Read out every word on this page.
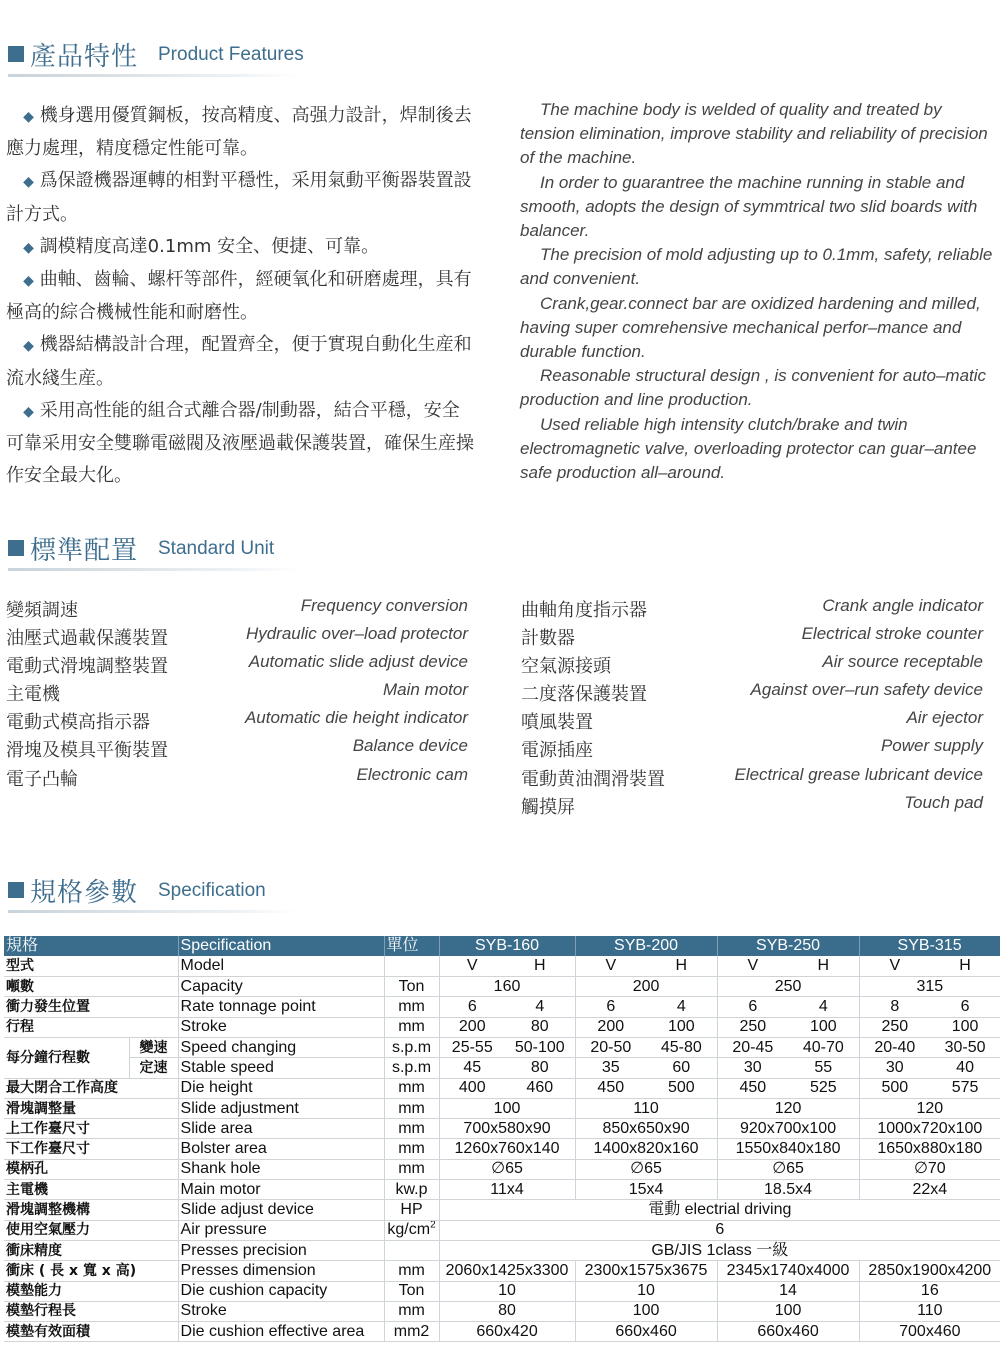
產品特性 Product Features

◆ 機身選用優質鋼板，按高精度、高强力設計，焊制後去應力處理，精度穩定性能可靠。

◆ 爲保證機器運轉的相對平穩性，采用氣動平衡器裝置設計方式。

◆ 調模精度高達0.1mm 安全、便捷、可靠。

◆ 曲軸、齒輪、螺杆等部件，經硬氧化和研磨處理，具有極高的綜合機械性能和耐磨性。

◆ 機器結構設計合理，配置齊全，便于實現自動化生産和流水綫生産。

◆ 采用高性能的組合式離合器/制動器，結合平穩，安全可靠采用安全雙聯電磁閥及液壓過載保護裝置，確保生産操作安全最大化。

The machine body is welded of quality and treated by tension elimination, improve stability and reliability of precision of the machine.

In order to guarantree the machine running in stable and smooth, adopts the design of symmtrical two slid boards with balancer.

The precision of mold adjusting up to 0.1mm, safety, reliable and convenient.

Crank,gear.connect bar are oxidized hardening and milled, having super comrehensive mechanical perfor–mance and durable function.

Reasonable structural design , is convenient for auto–matic production and line production.

Used reliable high intensity clutch/brake and twin electromagnetic valve, overloading protector can guar–antee safe production all–around.

標準配置 Standard Unit
變頻調速	Frequency conversion
油壓式過載保護裝置	Hydraulic over–load protector
電動式滑塊調整裝置	Automatic slide adjust device
主電機	Main motor
電動式模高指示器	Automatic die height indicator
滑塊及模具平衡裝置	Balance device
電子凸輪	Electronic cam
曲軸角度指示器	Crank angle indicator
計數器	Electrical stroke counter
空氣源接頭	Air source receptable
二度落保護裝置	Against over–run safety device
噴風裝置	Air ejector
電源插座	Power supply
電動黄油潤滑裝置	Electrical grease lubricant device
觸摸屏	Touch pad
規格參數 Specification
規格		Specification	單位	SYB-160		SYB-200		SYB-250		SYB-315	
型式		Model		V	H	V	H	V	H	V	H
噸數		Capacity	Ton	160		200		250		315	
衝力發生位置		Rate tonnage point	mm	6	4	6	4	6	4	8	6
行程		Stroke	mm	200	80	200	100	250	100	250	100
每分鐘行程數	變速	Speed changing	s.p.m	25-55	50-100	20-50	45-80	20-45	40-70	20-40	30-50
	定速	Stable speed	s.p.m	45	80	35	60	30	55	30	40
最大閉合工作高度		Die height	mm	400	460	450	500	450	525	500	575
滑塊調整量		Slide adjustment	mm	100		110		120		120	
上工作臺尺寸		Slide area	mm	700x580x90		850x650x90		920x700x100		1000x720x100	
下工作臺尺寸		Bolster area	mm	1260x760x140		1400x820x160		1550x840x180		1650x880x180	
模柄孔		Shank hole	mm	∅65		∅65		∅65		∅70	
主電機		Main motor	kw.p	11x4		15x4		18.5x4		22x4	
滑塊調整機構		Slide adjust device	HP	電動 electrial driving							
使用空氣壓力		Air pressure	$kg/cm^2$	6							
衝床精度		Presses precision		GB/JIS 1class 一級							
衝床 ( 長 x 寬 x 高)		Presses dimension	mm	2060x1425x3300		2300x1575x3675		2345x1740x4000		2850x1900x4200	
模墊能力		Die cushion capacity	Ton	10		10		14		16	
模墊行程長		Stroke	mm	80		100		100		110	
模墊有效面積		Die cushion effective area	mm2	660x420		660x460		660x460		700x460	
